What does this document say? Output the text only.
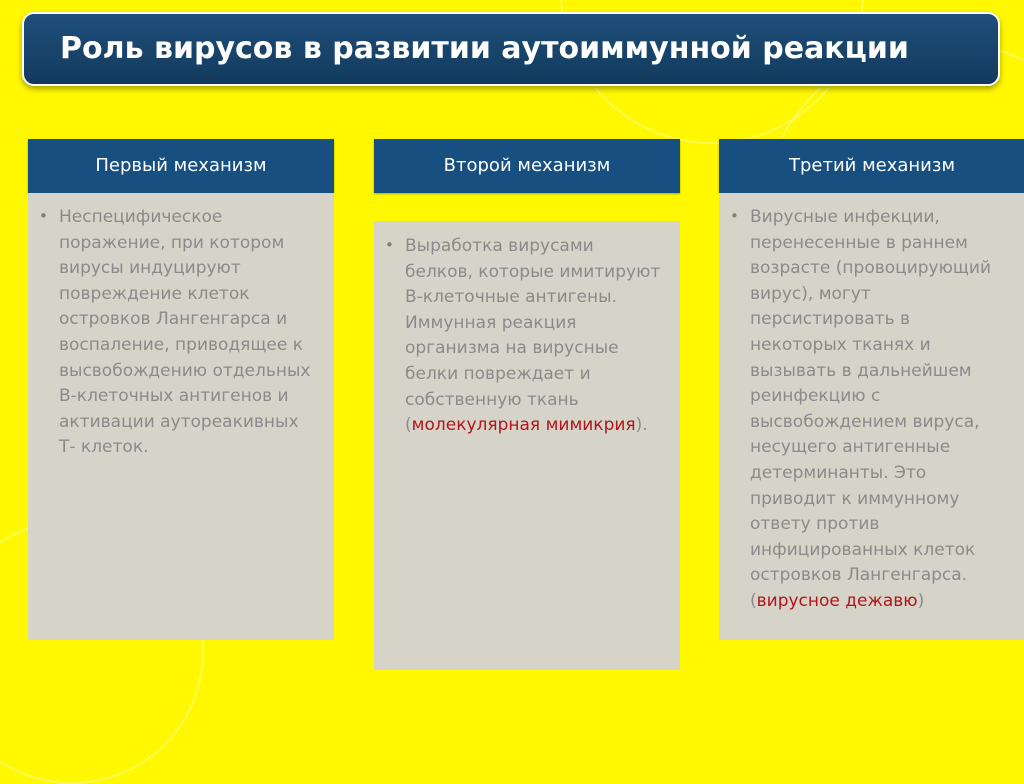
Роль вирусов в развитии аутоиммунной реакции
Первый механизм
• Неспецифическое поражение, при котором вирусы индуцируют повреждение клеток островков Лангенгарса и воспаление, приводящее к высвобождению отдельных В-клеточных антигенов и активации аутореакивных Т- клеток.
Второй механизм
• Выработка вирусами белков, которые имитируют В-клеточные антигены. Иммунная реакция организма на вирусные белки повреждает и собственную ткань (молекулярная мимикрия).
Третий механизм
• Вирусные инфекции, перенесенные в раннем возрасте (провоцирующий вирус), могут персистировать в некоторых тканях и вызывать в дальнейшем реинфекцию с высвобождением вируса, несущего антигенные детерминанты. Это приводит к иммунному ответу против инфицированных клеток островков Лангенгарса. (вирусное дежавю)
